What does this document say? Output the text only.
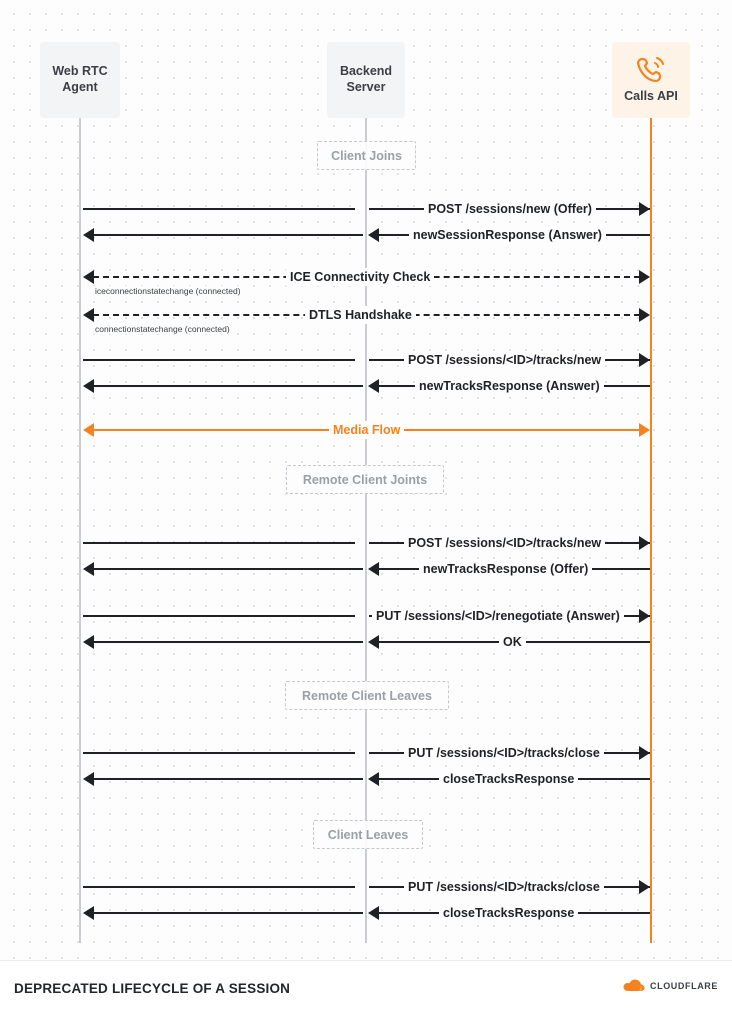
Web RTC
Agent
Backend
Server
Calls API
Client Joins
POST /sessions/new (Offer)
newSessionResponse (Answer)
ICE Connectivity Check
iceconnectionstatechange (connected)
DTLS Handshake
connectionstatechange (connected)
POST /sessions/<ID>/tracks/new
newTracksResponse (Answer)
Media Flow
Remote Client Joints
POST /sessions/<ID>/tracks/new
newTracksResponse (Offer)
PUT /sessions/<ID>/renegotiate (Answer)
OK
Remote Client Leaves
PUT /sessions/<ID>/tracks/close
closeTracksResponse
Client Leaves
PUT /sessions/<ID>/tracks/close
closeTracksResponse
DEPRECATED LIFECYCLE OF A SESSION	CLOUDFLARE
